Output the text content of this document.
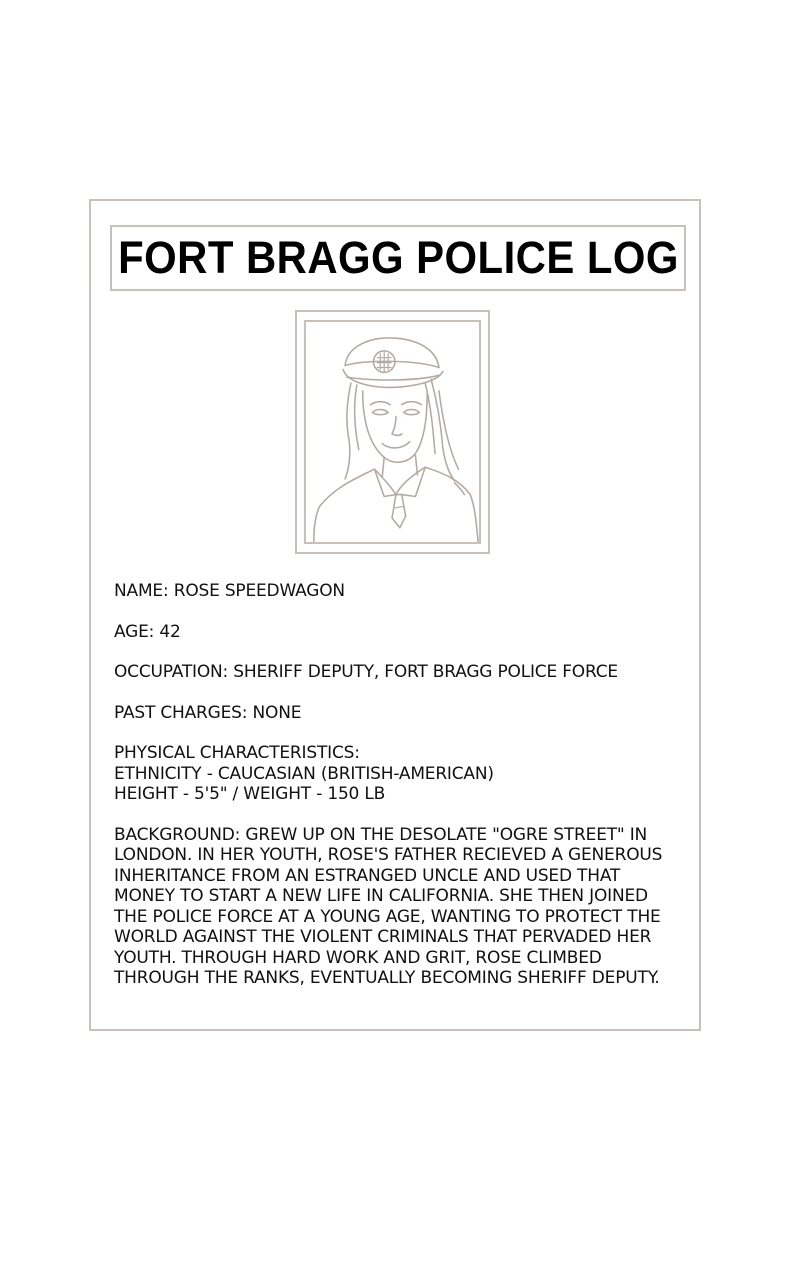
FORT BRAGG POLICE LOG
NAME: ROSE SPEEDWAGON
AGE: 42
OCCUPATION: SHERIFF DEPUTY, FORT BRAGG POLICE FORCE
PAST CHARGES: NONE
PHYSICAL CHARACTERISTICS:
ETHNICITY - CAUCASIAN (BRITISH-AMERICAN)
HEIGHT - 5'5" / WEIGHT - 150 LB
BACKGROUND: GREW UP ON THE DESOLATE "OGRE STREET" IN
LONDON. IN HER YOUTH, ROSE'S FATHER RECIEVED A GENEROUS
INHERITANCE FROM AN ESTRANGED UNCLE AND USED THAT
MONEY TO START A NEW LIFE IN CALIFORNIA. SHE THEN JOINED
THE POLICE FORCE AT A YOUNG AGE, WANTING TO PROTECT THE
WORLD AGAINST THE VIOLENT CRIMINALS THAT PERVADED HER
YOUTH. THROUGH HARD WORK AND GRIT, ROSE CLIMBED
THROUGH THE RANKS, EVENTUALLY BECOMING SHERIFF DEPUTY.
